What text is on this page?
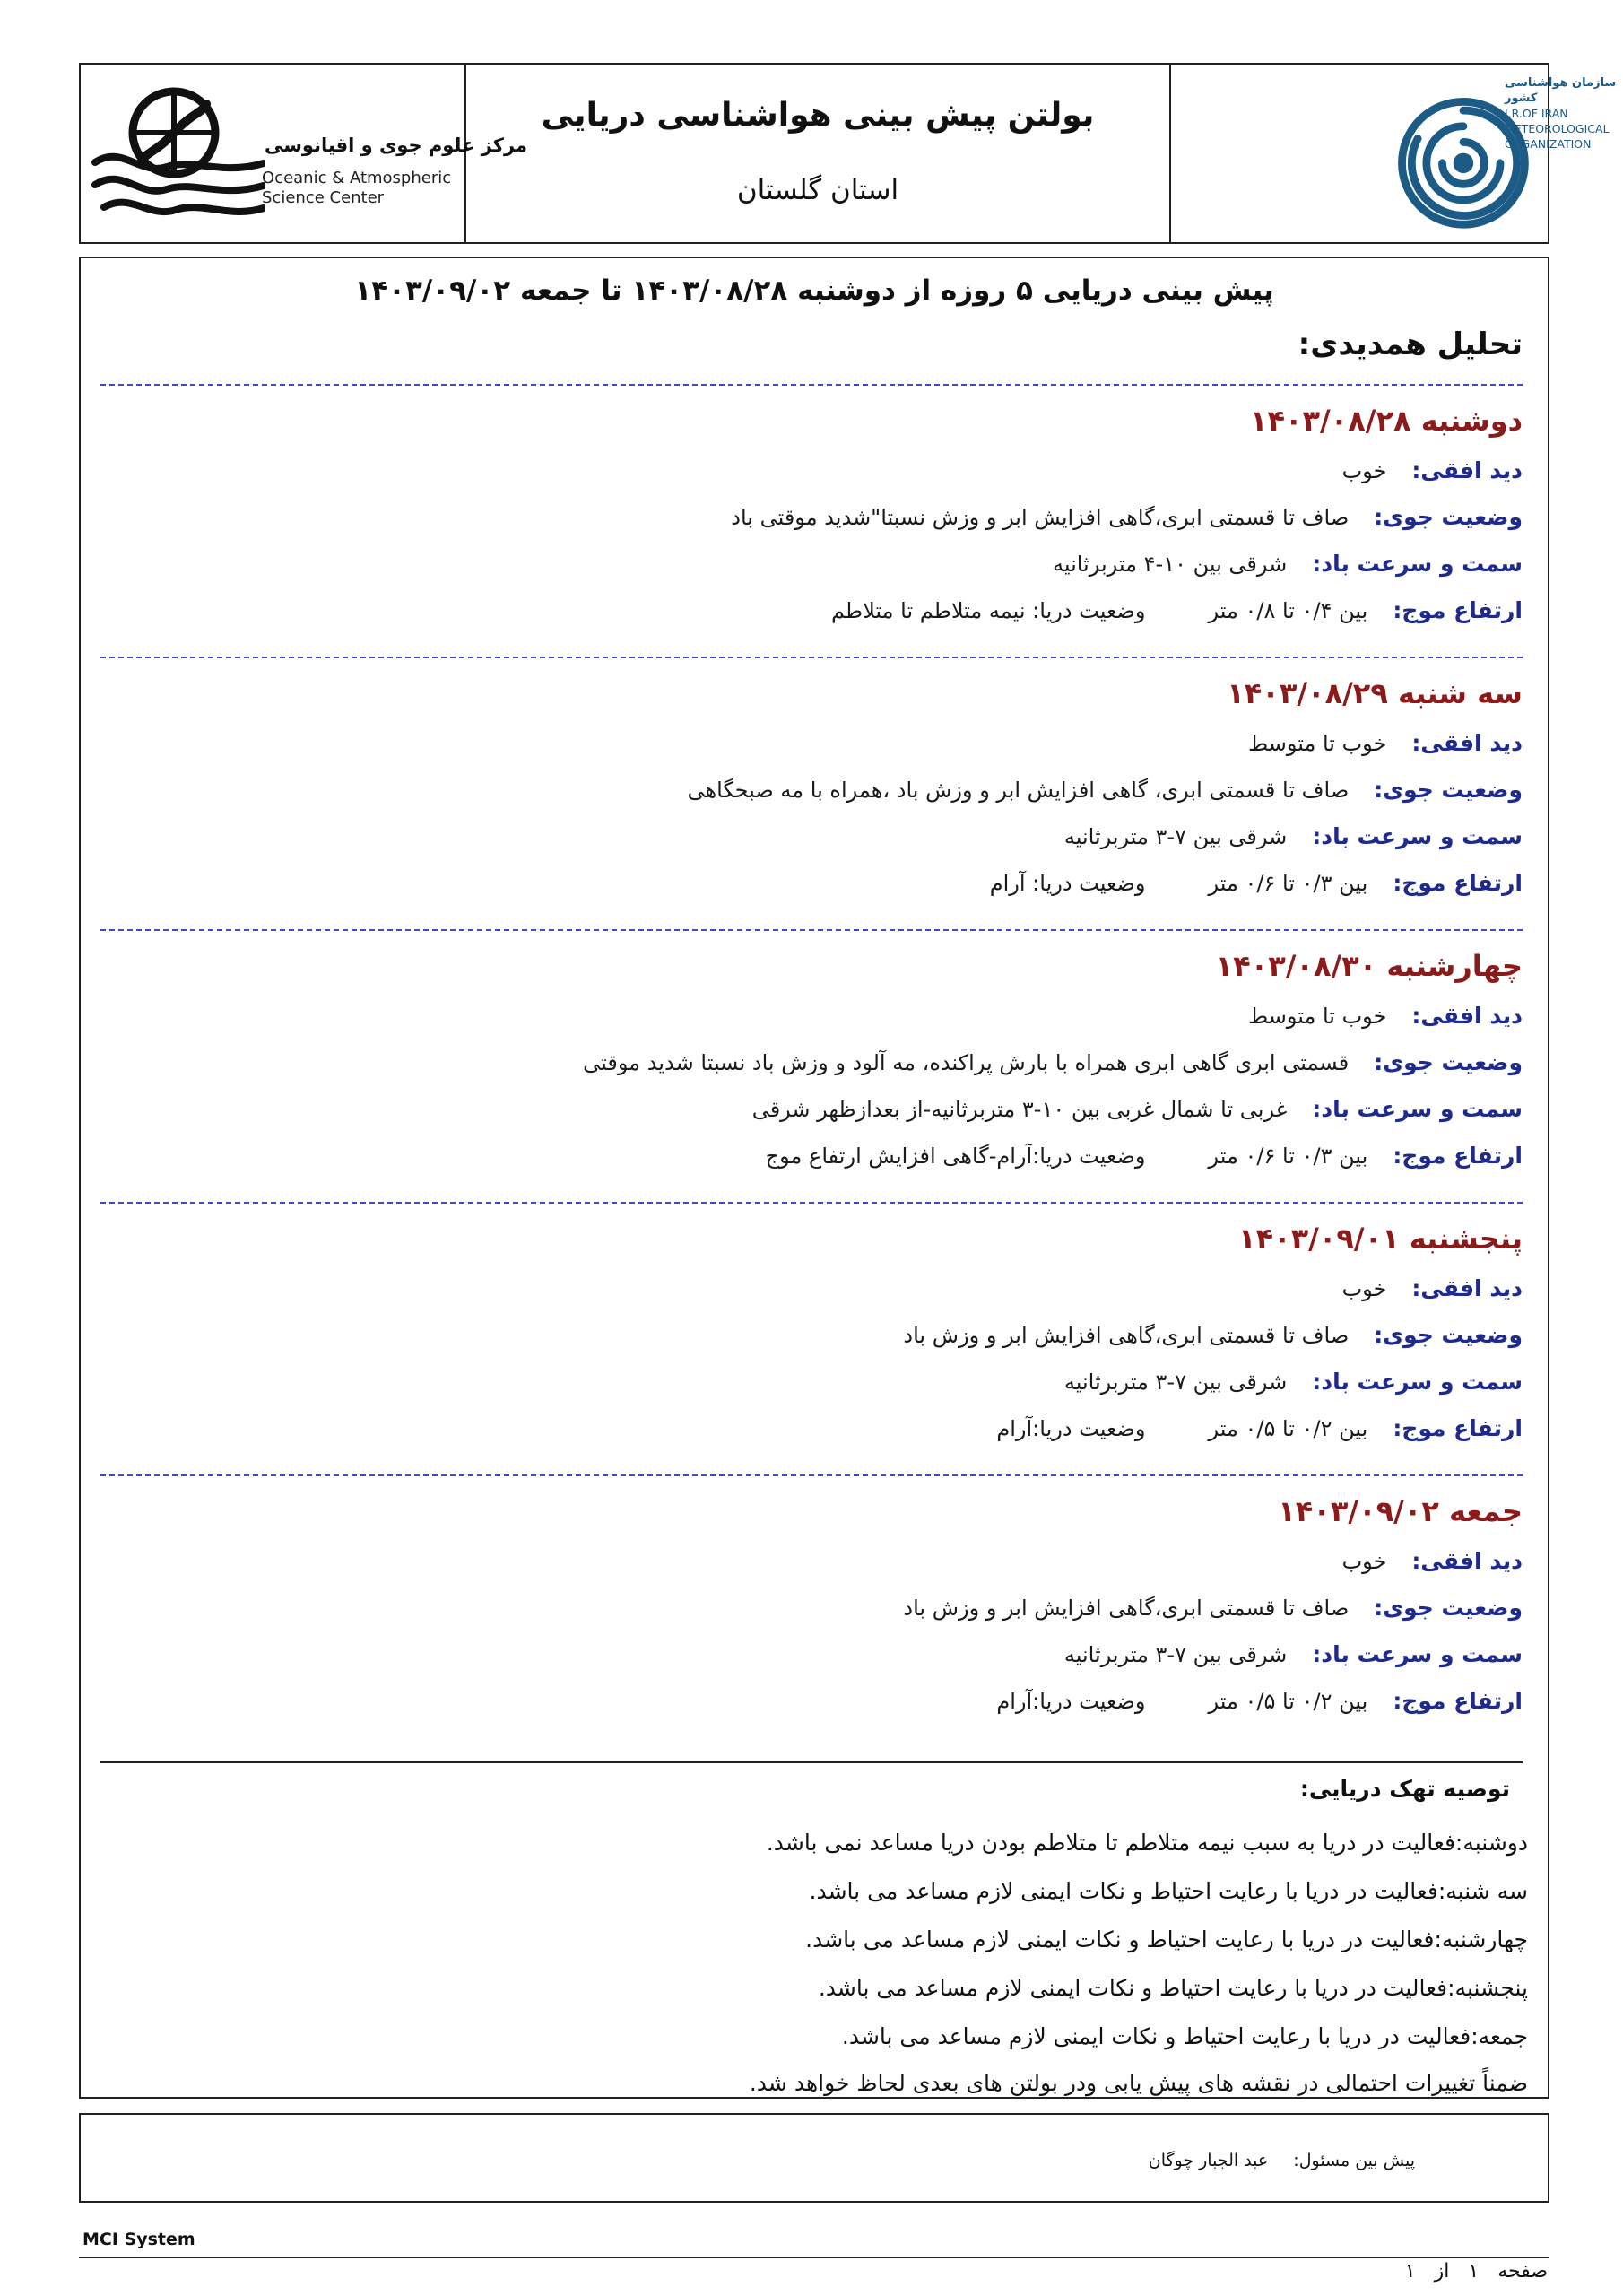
مرکز علوم جوی و اقیانوسی
Oceanic & Atmospheric
Science Center
بولتن پیش بینی هواشناسی دریایی
استان گلستان
سازمان هواشناسی کشور
I.R.OF IRAN
METEOROLOGICAL
ORGANIZATION
پیش بینی دریایی ۵ روزه از دوشنبه ۱۴۰۳/۰۸/۲۸ تا جمعه ۱۴۰۳/۰۹/۰۲
تحلیل همدیدی:
دوشنبه ۱۴۰۳/۰۸/۲۸
دید افقی:
خوب
وضعیت جوی:
صاف تا قسمتی ابری،گاهی افزایش ابر و وزش نسبتا"شدید موقتی باد
سمت و سرعت باد:
شرقی بین ۱۰-۴ متربرثانیه
ارتفاع موج:
بین ۰/۴ تا ۰/۸ متر
وضعیت دریا: نیمه متلاطم تا متلاطم
سه شنبه ۱۴۰۳/۰۸/۲۹
دید افقی:
خوب تا متوسط
وضعیت جوی:
صاف تا قسمتی ابری، گاهی افزایش ابر و وزش باد ،همراه با مه صبحگاهی
سمت و سرعت باد:
شرقی بین ۷-۳ متربرثانیه
ارتفاع موج:
بین ۰/۳ تا ۰/۶ متر
وضعیت دریا: آرام
چهارشنبه ۱۴۰۳/۰۸/۳۰
دید افقی:
خوب تا متوسط
وضعیت جوی:
قسمتی ابری گاهی ابری همراه با بارش پراکنده، مه آلود و وزش باد نسبتا شدید موقتی
سمت و سرعت باد:
غربی تا شمال غربی بین ۱۰-۳ متربرثانیه-از بعدازظهر شرقی
ارتفاع موج:
بین ۰/۳ تا ۰/۶ متر
وضعیت دریا:آرام-گاهی افزایش ارتفاع موج
پنجشنبه ۱۴۰۳/۰۹/۰۱
دید افقی:
خوب
وضعیت جوی:
صاف تا قسمتی ابری،گاهی افزایش ابر و وزش باد
سمت و سرعت باد:
شرقی بین ۷-۳ متربرثانیه
ارتفاع موج:
بین ۰/۲ تا ۰/۵ متر
وضعیت دریا:آرام
جمعه ۱۴۰۳/۰۹/۰۲
دید افقی:
خوب
وضعیت جوی:
صاف تا قسمتی ابری،گاهی افزایش ابر و وزش باد
سمت و سرعت باد:
شرقی بین ۷-۳ متربرثانیه
ارتفاع موج:
بین ۰/۲ تا ۰/۵ متر
وضعیت دریا:آرام
توصیه تهک دریایی:
دوشنبه:فعالیت در دریا به سبب نیمه متلاطم تا متلاطم بودن دریا مساعد نمی باشد.
سه شنبه:فعالیت در دریا با رعایت احتیاط و نکات ایمنی لازم مساعد می باشد.
چهارشنبه:فعالیت در دریا با رعایت احتیاط و نکات ایمنی لازم مساعد می باشد.
پنجشنبه:فعالیت در دریا با رعایت احتیاط و نکات ایمنی لازم مساعد می باشد.
جمعه:فعالیت در دریا با رعایت احتیاط و نکات ایمنی لازم مساعد می باشد.
ضمناً تغییرات احتمالی در نقشه های پیش یابی ودر بولتن های بعدی لحاظ خواهد شد.
پیش بین مسئول: عبد الجبار چوگان
MCI System
صفحه ۱ از ۱
